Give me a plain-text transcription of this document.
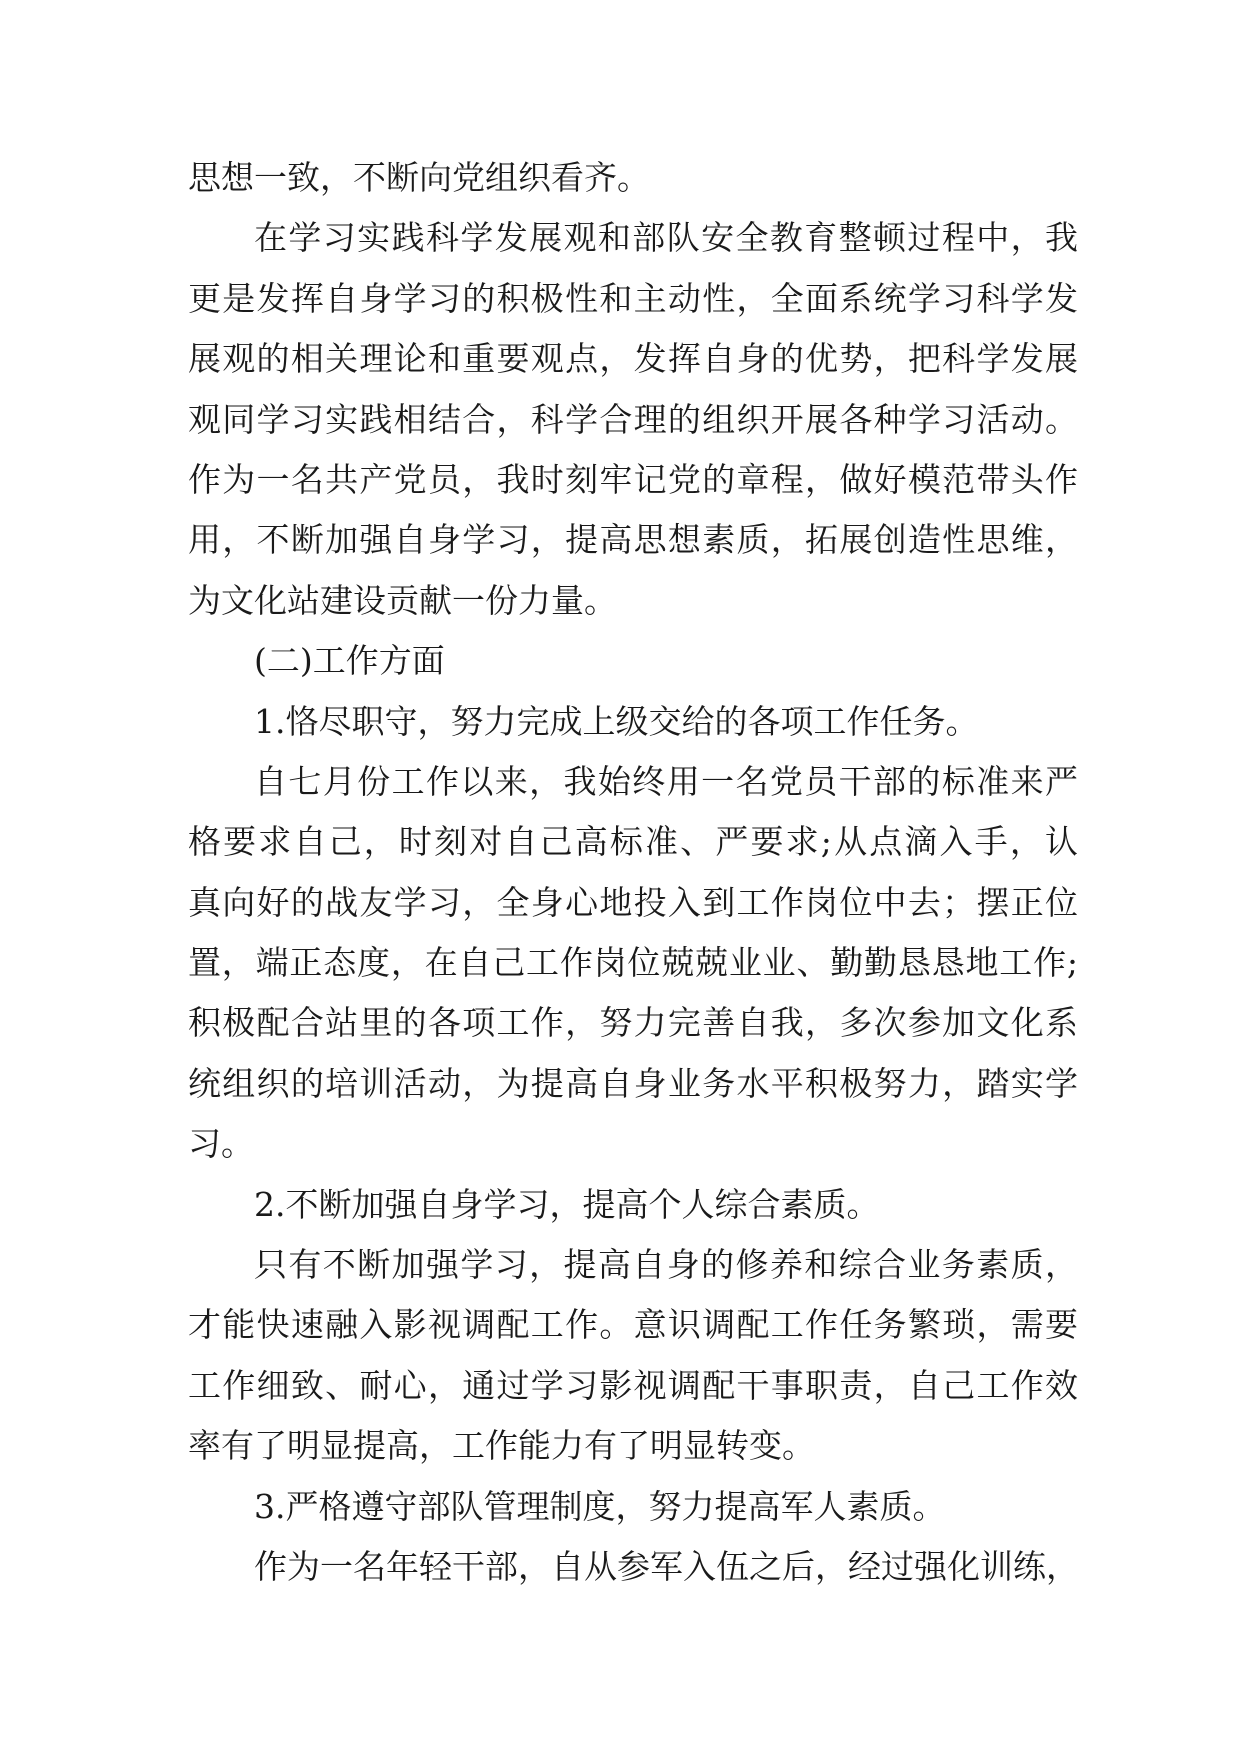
思想一致，不断向党组织看齐。
在学习实践科学发展观和部队安全教育整顿过程中，我
更是发挥自身学习的积极性和主动性，全面系统学习科学发
展观的相关理论和重要观点，发挥自身的优势，把科学发展
观同学习实践相结合，科学合理的组织开展各种学习活动。
作为一名共产党员，我时刻牢记党的章程，做好模范带头作
用，不断加强自身学习，提高思想素质，拓展创造性思维，
为文化站建设贡献一份力量。
(二)工作方面
1.恪尽职守，努力完成上级交给的各项工作任务。
自七月份工作以来，我始终用一名党员干部的标准来严
格要求自己，时刻对自己高标准、严要求;从点滴入手，认
真向好的战友学习，全身心地投入到工作岗位中去；摆正位
置，端正态度，在自己工作岗位兢兢业业、勤勤恳恳地工作;
积极配合站里的各项工作，努力完善自我，多次参加文化系
统组织的培训活动，为提高自身业务水平积极努力，踏实学
习。
2.不断加强自身学习，提高个人综合素质。
只有不断加强学习，提高自身的修养和综合业务素质，
才能快速融入影视调配工作。意识调配工作任务繁琐，需要
工作细致、耐心，通过学习影视调配干事职责，自己工作效
率有了明显提高，工作能力有了明显转变。
3.严格遵守部队管理制度，努力提高军人素质。
作为一名年轻干部，自从参军入伍之后，经过强化训练，
